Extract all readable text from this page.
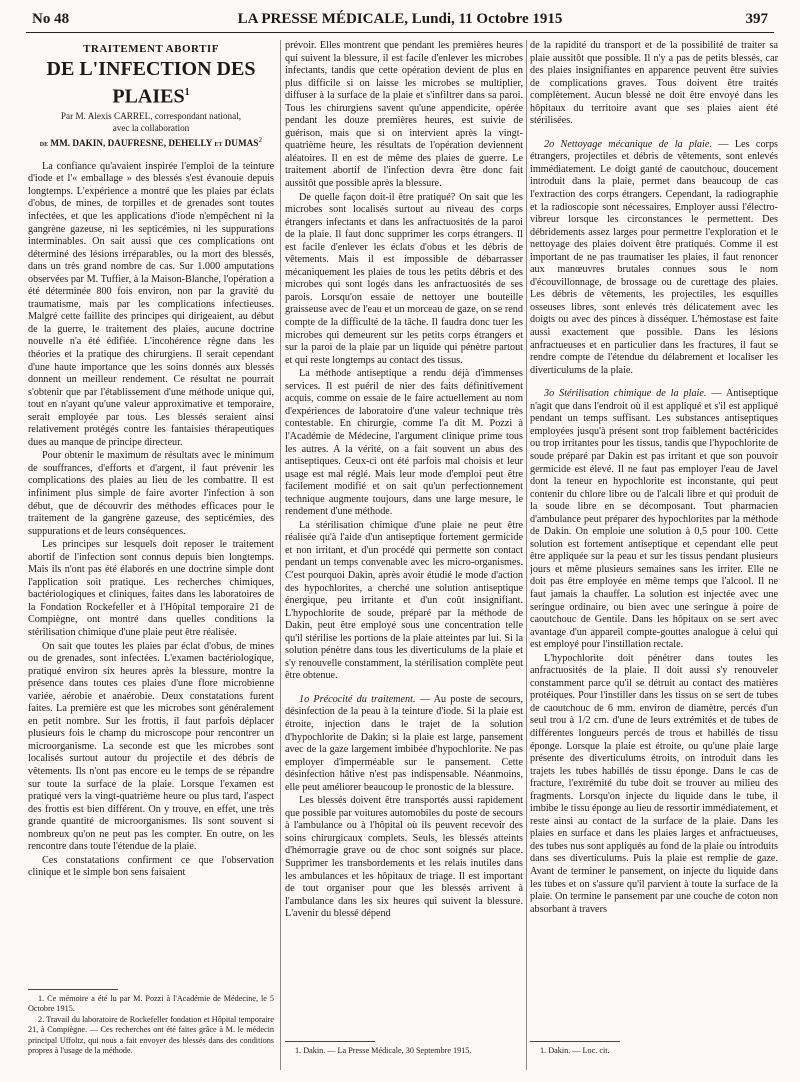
No 48	LA PRESSE MÉDICALE, Lundi, 11 Octobre 1915	397
TRAITEMENT ABORTIF
DE L'INFECTION DES PLAIES$^1$
Par M. Alexis CARREL, correspondant national,
avec la collaboration
de MM. DAKIN, DAUFRESNE, DEHELLY et DUMAS$^2$

La confiance qu'avaient inspirée l'emploi de la teinture d'iode et l'« emballage » des blessés s'est évanouie depuis longtemps. L'expérience a montré que les plaies par éclats d'obus, de mines, de torpilles et de grenades sont toutes infectées, et que les applications d'iode n'empêchent ni la gangrène gazeuse, ni les septicémies, ni les suppurations interminables. On sait aussi que ces complications ont déterminé des lésions irréparables, ou la mort des blessés, dans un très grand nombre de cas. Sur 1.000 amputations observées par M. Tuffier, à la Maison-Blanche, l'opération a été déterminée 800 fois environ, non par la gravité du traumatisme, mais par les complications infectieuses. Malgré cette faillite des principes qui dirigeaient, au début de la guerre, le traitement des plaies, aucune doctrine nouvelle n'a été édifiée. L'incohérence règne dans les théories et la pratique des chirurgiens. Il serait cependant d'une haute importance que les soins donnés aux blessés donnent un meilleur rendement. Ce résultat ne pourrait s'obtenir que par l'établissement d'une méthode unique qui, tout en n'ayant qu'une valeur approximative et temporaire, serait employée par tous. Les blessés seraient ainsi relativement protégés contre les fantaisies thérapeutiques dues au manque de principe directeur.

Pour obtenir le maximum de résultats avec le minimum de souffrances, d'efforts et d'argent, il faut prévenir les complications des plaies au lieu de les combattre. Il est infiniment plus simple de faire avorter l'infection à son début, que de découvrir des méthodes efficaces pour le traitement de la gangrène gazeuse, des septicémies, des suppurations et de leurs conséquences.

Les principes sur lesquels doit reposer le traitement abortif de l'infection sont connus depuis bien longtemps. Mais ils n'ont pas été élaborés en une doctrine simple dont l'application soit pratique. Les recherches chimiques, bactériologiques et cliniques, faites dans les laboratoires de la Fondation Rockefeller et à l'Hôpital temporaire 21 de Compiègne, ont montré dans quelles conditions la stérilisation chimique d'une plaie peut être réalisée.

On sait que toutes les plaies par éclat d'obus, de mines ou de grenades, sont infectées. L'examen bactériologique, pratiqué environ six heures après la blessure, montre la présence dans toutes ces plaies d'une flore microbienne variée, aérobie et anaérobie. Deux constatations furent faites. La première est que les microbes sont généralement en petit nombre. Sur les frottis, il faut parfois déplacer plusieurs fois le champ du microscope pour rencontrer un microorganisme. La seconde est que les microbes sont localisés surtout autour du projectile et des débris de vêtements. Ils n'ont pas encore eu le temps de se répandre sur toute la surface de la plaie. Lorsque l'examen est pratiqué vers la vingt-quatrième heure ou plus tard, l'aspect des frottis est bien différent. On y trouve, en effet, une très grande quantité de microorganismes. Ils sont souvent si nombreux qu'on ne peut pas les compter. En outre, on les rencontre dans toute l'étendue de la plaie.

Ces constatations confirment ce que l'observation clinique et le simple bon sens faisaient

1. Ce mémoire a été lu par M. Pozzi à l'Académie de Médecine, le 5 Octobre 1915.

2. Travail du laboratoire de Rockefeller fondation et Hôpital temporaire 21, à Compiègne. — Ces recherches ont été faites grâce à M. le médecin principal Uffoltz, qui nous a fait envoyer des blessés dans des conditions propres à l'usage de la méthode.

prévoir. Elles montrent que pendant les premières heures qui suivent la blessure, il est facile d'enlever les microbes infectants, tandis que cette opération devient de plus en plus difficile si on laisse les microbes se multiplier, diffuser à la surface de la plaie et s'infiltrer dans sa paroi. Tous les chirurgiens savent qu'une appendicite, opérée pendant les douze premières heures, est suivie de guérison, mais que si on intervient après la vingt-quatrième heure, les résultats de l'opération deviennent aléatoires. Il en est de même des plaies de guerre. Le traitement abortif de l'infection devra être donc fait aussitôt que possible après la blessure.

De quelle façon doit-il être pratiqué? On sait que les microbes sont localisés surtout au niveau des corps étrangers infectants et dans les anfractuosités de la paroi de la plaie. Il faut donc supprimer les corps étrangers. Il est facile d'enlever les éclats d'obus et les débris de vêtements. Mais il est impossible de débarrasser mécaniquement les plaies de tous les petits débris et des microbes qui sont logés dans les anfractuosités de ses parois. Lorsqu'on essaie de nettoyer une bouteille graisseuse avec de l'eau et un morceau de gaze, on se rend compte de la difficulté de la tâche. Il faudra donc tuer les microbes qui demeurent sur les petits corps étrangers et sur la paroi de la plaie par un liquide qui pénètre partout et qui reste longtemps au contact des tissus.

La méthode antiseptique a rendu déjà d'immenses services. Il est puéril de nier des faits définitivement acquis, comme on essaie de le faire actuellement au nom d'expériences de laboratoire d'une valeur technique très contestable. En chirurgie, comme l'a dit M. Pozzi à l'Académie de Médecine, l'argument clinique prime tous les autres. A la vérité, on a fait souvent un abus des antiseptiques. Ceux-ci ont été parfois mal choisis et leur usage est mal réglé. Mais leur mode d'emploi peut être facilement modifié et on sait qu'un perfectionnement technique augmente toujours, dans une large mesure, le rendement d'une méthode.

La stérilisation chimique d'une plaie ne peut être réalisée qu'à l'aide d'un antiseptique fortement germicide et non irritant, et d'un procédé qui permette son contact pendant un temps convenable avec les micro-organismes. C'est pourquoi Dakin, après avoir étudié le mode d'action des hypochlorites, a cherché une solution antiseptique énergique, peu irritante et d'un coût insignifiant. L'hypochlorite de soude, préparé par la méthode de Dakin, peut être employé sous une concentration telle qu'il stérilise les portions de la plaie atteintes par lui. Si la solution pénètre dans tous les diverticulums de la plaie et s'y renouvelle constamment, la stérilisation complète peut être obtenue.

1o Précocité du traitement. — Au poste de secours, désinfection de la peau à la teinture d'iode. Si la plaie est étroite, injection dans le trajet de la solution d'hypochlorite de Dakin; si la plaie est large, pansement avec de la gaze largement imbibée d'hypochlorite. Ne pas employer d'imperméable sur le pansement. Cette désinfection hâtive n'est pas indispensable. Néanmoins, elle peut améliorer beaucoup le pronostic de la blessure.

Les blessés doivent être transportés aussi rapidement que possible par voitures automobiles du poste de secours à l'ambulance ou à l'hôpital où ils peuvent recevoir des soins chirurgicaux complets. Seuls, les blessés atteints d'hémorragie grave ou de choc sont soignés sur place. Supprimer les transbordements et les relais inutiles dans les ambulances et les hôpitaux de triage. Il est important de tout organiser pour que les blessés arrivent à l'ambulance dans les six heures qui suivent la blessure. L'avenir du blessé dépend

1. Dakin. — La Presse Médicale, 30 Septembre 1915.

de la rapidité du transport et de la possibilité de traiter sa plaie aussitôt que possible. Il n'y a pas de petits blessés, car des plaies insignifiantes en apparence peuvent être suivies de complications graves. Tous doivent être traités complètement. Aucun blessé ne doit être envoyé dans les hôpitaux du territoire avant que ses plaies aient été stérilisées.

2o Nettoyage mécanique de la plaie. — Les corps étrangers, projectiles et débris de vêtements, sont enlevés immédiatement. Le doigt ganté de caoutchouc, doucement introduit dans la plaie, permet dans beaucoup de cas l'extraction des corps étrangers. Cependant, la radiographie et la radioscopie sont nécessaires. Employer aussi l'électro-vibreur lorsque les circonstances le permettent. Des débridements assez larges pour permettre l'exploration et le nettoyage des plaies doivent être pratiqués. Comme il est important de ne pas traumatiser les plaies, il faut renoncer aux manœuvres brutales connues sous le nom d'écouvillonnage, de brossage ou de curettage des plaies. Les débris de vêtements, les projectiles, les esquilles osseuses libres, sont enlevés très délicatement avec les doigts ou avec des pinces à disséquer. L'hémostase est faite aussi exactement que possible. Dans les lésions anfractueuses et en particulier dans les fractures, il faut se rendre compte de l'étendue du délabrement et localiser les diverticulums de la plaie.

3o Stérilisation chimique de la plaie. — Antiseptique n'agit que dans l'endroit où il est appliqué et s'il est appliqué pendant un temps suffisant. Les substances antiseptiques employées jusqu'à présent sont trop faiblement bactéricides ou trop irritantes pour les tissus, tandis que l'hypochlorite de soude préparé par Dakin est pas irritant et que son pouvoir germicide est élevé. Il ne faut pas employer l'eau de Javel dont la teneur en hypochlorite est inconstante, qui peut contenir du chlore libre ou de l'alcali libre et qui produit de la soude libre en se décomposant. Tout pharmacien d'ambulance peut préparer des hypochlorites par la méthode de Dakin. On emploie une solution à 0,5 pour 100. Cette solution est fortement antiseptique et cependant elle peut être appliquée sur la peau et sur les tissus pendant plusieurs jours et même plusieurs semaines sans les irriter. Elle ne doit pas être employée en même temps que l'alcool. Il ne faut jamais la chauffer. La solution est injectée avec une seringue ordinaire, ou bien avec une seringue à poire de caoutchouc de Gentile. Dans les hôpitaux on se sert avec avantage d'un appareil compte-gouttes analogue à celui qui est employé pour l'instillation rectale.

L'hypochlorite doit pénétrer dans toutes les anfractuosités de la plaie. Il doit aussi s'y renouveler constamment parce qu'il se détruit au contact des matières protéiques. Pour l'instiller dans les tissus on se sert de tubes de caoutchouc de 6 mm. environ de diamètre, percés d'un seul trou à 1/2 cm. d'une de leurs extrémités et de tubes de différentes longueurs percés de trous et habillés de tissu éponge. Lorsque la plaie est étroite, ou qu'une plaie large présente des diverticulums étroits, on introduit dans les trajets les tubes habillés de tissu éponge. Dans le cas de fracture, l'extrémité du tube doit se trouver au milieu des fragments. Lorsqu'on injecte du liquide dans le tube, il imbibe le tissu éponge au lieu de ressortir immédiatement, et reste ainsi au contact de la surface de la plaie. Dans les plaies en surface et dans les plaies larges et anfractueuses, des tubes nus sont appliqués au fond de la plaie ou introduits dans ses diverticulums. Puis la plaie est remplie de gaze. Avant de terminer le pansement, on injecte du liquide dans les tubes et on s'assure qu'il parvient à toute la surface de la plaie. On termine le pansement par une couche de coton non absorbant à travers

1. Dakin. — Loc. cit.
